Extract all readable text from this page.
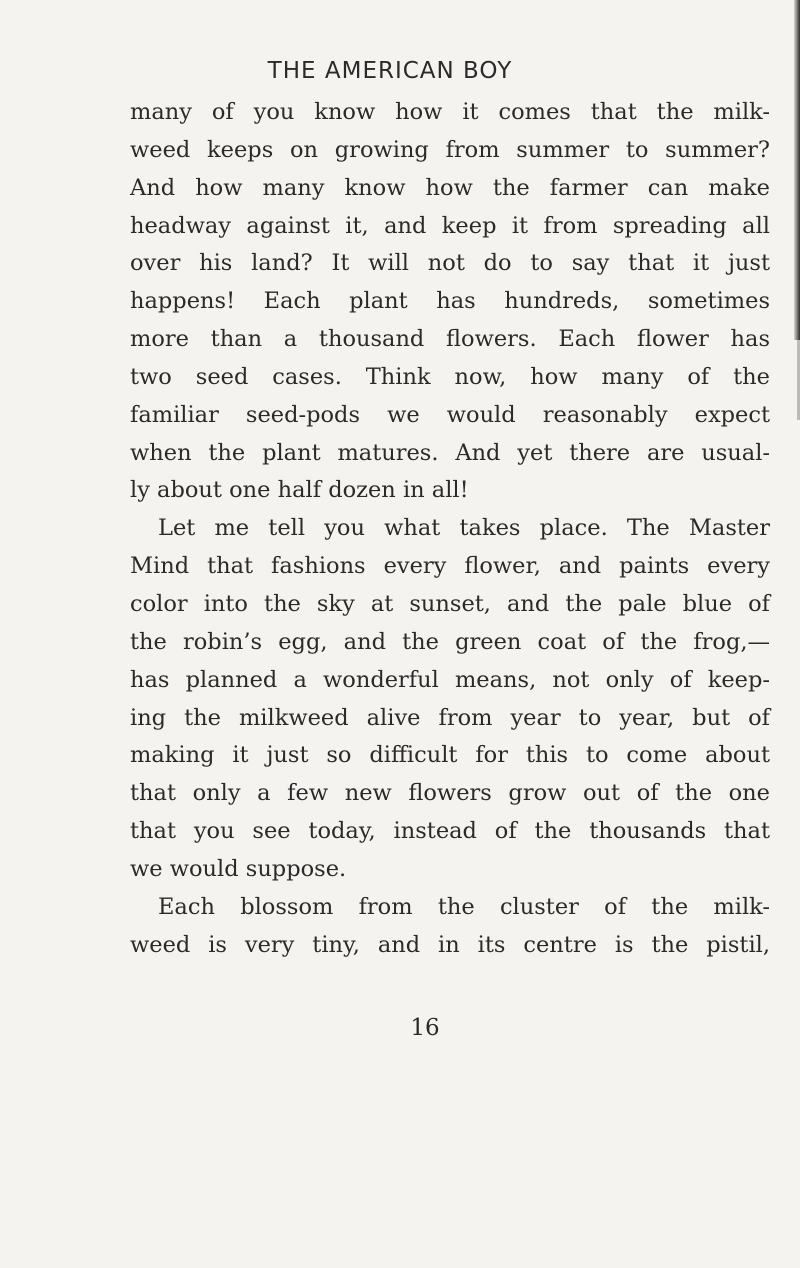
THE AMERICAN BOY
many of you know how it comes that the milk-
weed keeps on growing from summer to summer?
And how many know how the farmer can make
headway against it, and keep it from spreading all
over his land? It will not do to say that it just
happens! Each plant has hundreds, sometimes
more than a thousand flowers. Each flower has
two seed cases. Think now, how many of the
familiar seed-pods we would reasonably expect
when the plant matures. And yet there are usual-
ly about one half dozen in all!
Let me tell you what takes place. The Master
Mind that fashions every flower, and paints every
color into the sky at sunset, and the pale blue of
the robin’s egg, and the green coat of the frog,—
has planned a wonderful means, not only of keep-
ing the milkweed alive from year to year, but of
making it just so difficult for this to come about
that only a few new flowers grow out of the one
that you see today, instead of the thousands that
we would suppose.
Each blossom from the cluster of the milk-
weed is very tiny, and in its centre is the pistil,
16
